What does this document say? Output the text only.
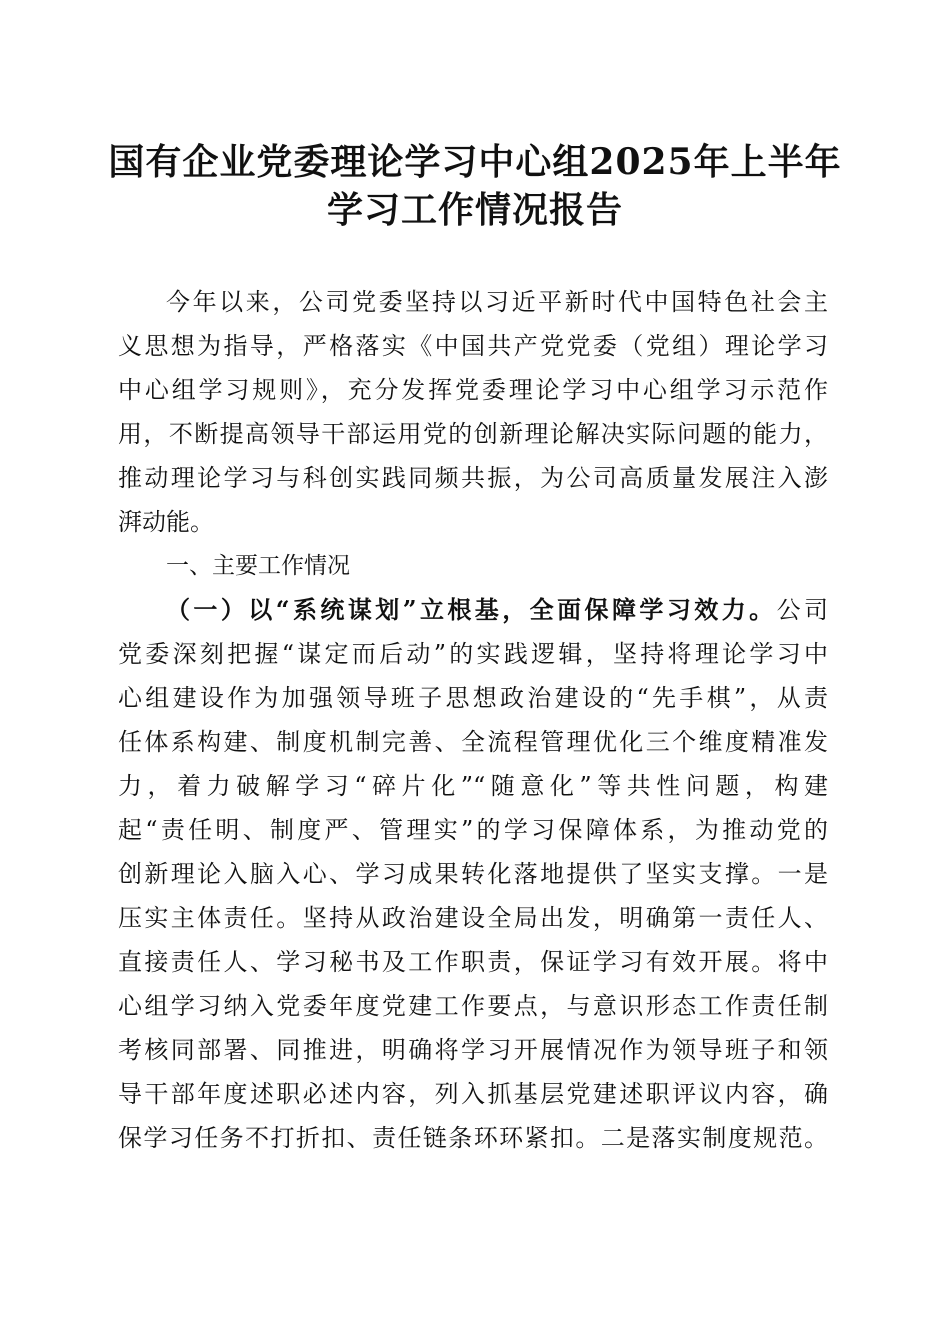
国有企业党委理论学习中心组2025年上半年
学习工作情况报告
今年以来，公司党委坚持以习近平新时代中国特色社会主
义思想为指导，严格落实《中国共产党党委（党组）理论学习
中心组学习规则》，充分发挥党委理论学习中心组学习示范作
用，不断提高领导干部运用党的创新理论解决实际问题的能力，
推动理论学习与科创实践同频共振，为公司高质量发展注入澎
湃动能。
一、主要工作情况
（一）以“系统谋划”立根基，全面保障学习效力。公司
党委深刻把握“谋定而后动”的实践逻辑，坚持将理论学习中
心组建设作为加强领导班子思想政治建设的“先手棋”，从责
任体系构建、制度机制完善、全流程管理优化三个维度精准发
力，着力破解学习“碎片化”“随意化”等共性问题，构建
起“责任明、制度严、管理实”的学习保障体系，为推动党的
创新理论入脑入心、学习成果转化落地提供了坚实支撑。一是
压实主体责任。坚持从政治建设全局出发，明确第一责任人、
直接责任人、学习秘书及工作职责，保证学习有效开展。将中
心组学习纳入党委年度党建工作要点，与意识形态工作责任制
考核同部署、同推进，明确将学习开展情况作为领导班子和领
导干部年度述职必述内容，列入抓基层党建述职评议内容，确
保学习任务不打折扣、责任链条环环紧扣。二是落实制度规范。
